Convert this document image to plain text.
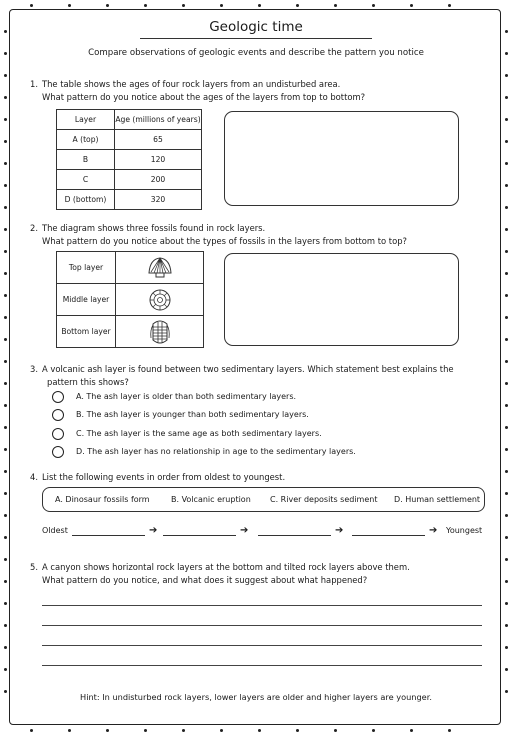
Geologic time
Compare observations of geologic events and describe the pattern you notice
1. The table shows the ages of four rock layers from an undisturbed area.
What pattern do you notice about the ages of the layers from top to bottom?
Layer	Age (millions of years)
A (top)	65
B	120
C	200
D (bottom)	320
2. The diagram shows three fossils found in rock layers.
What pattern do you notice about the types of fossils in the layers from bottom to top?
Top layer	

Middle layer	

Bottom layer	
3. A volcanic ash layer is found between two sedimentary layers. Which statement best explains the
pattern this shows?
A. The ash layer is older than both sedimentary layers.
B. The ash layer is younger than both sedimentary layers.
C. The ash layer is the same age as both sedimentary layers.
D. The ash layer has no relationship in age to the sedimentary layers.
4. List the following events in order from oldest to youngest.
A. Dinosaur fossils form	B. Volcanic eruption C. River deposits sediment D. Human settlement
Oldest	➔	➔	➔	➔ Youngest
5. A canyon shows horizontal rock layers at the bottom and tilted rock layers above them.
What pattern do you notice, and what does it suggest about what happened?
Hint: In undisturbed rock layers, lower layers are older and higher layers are younger.
